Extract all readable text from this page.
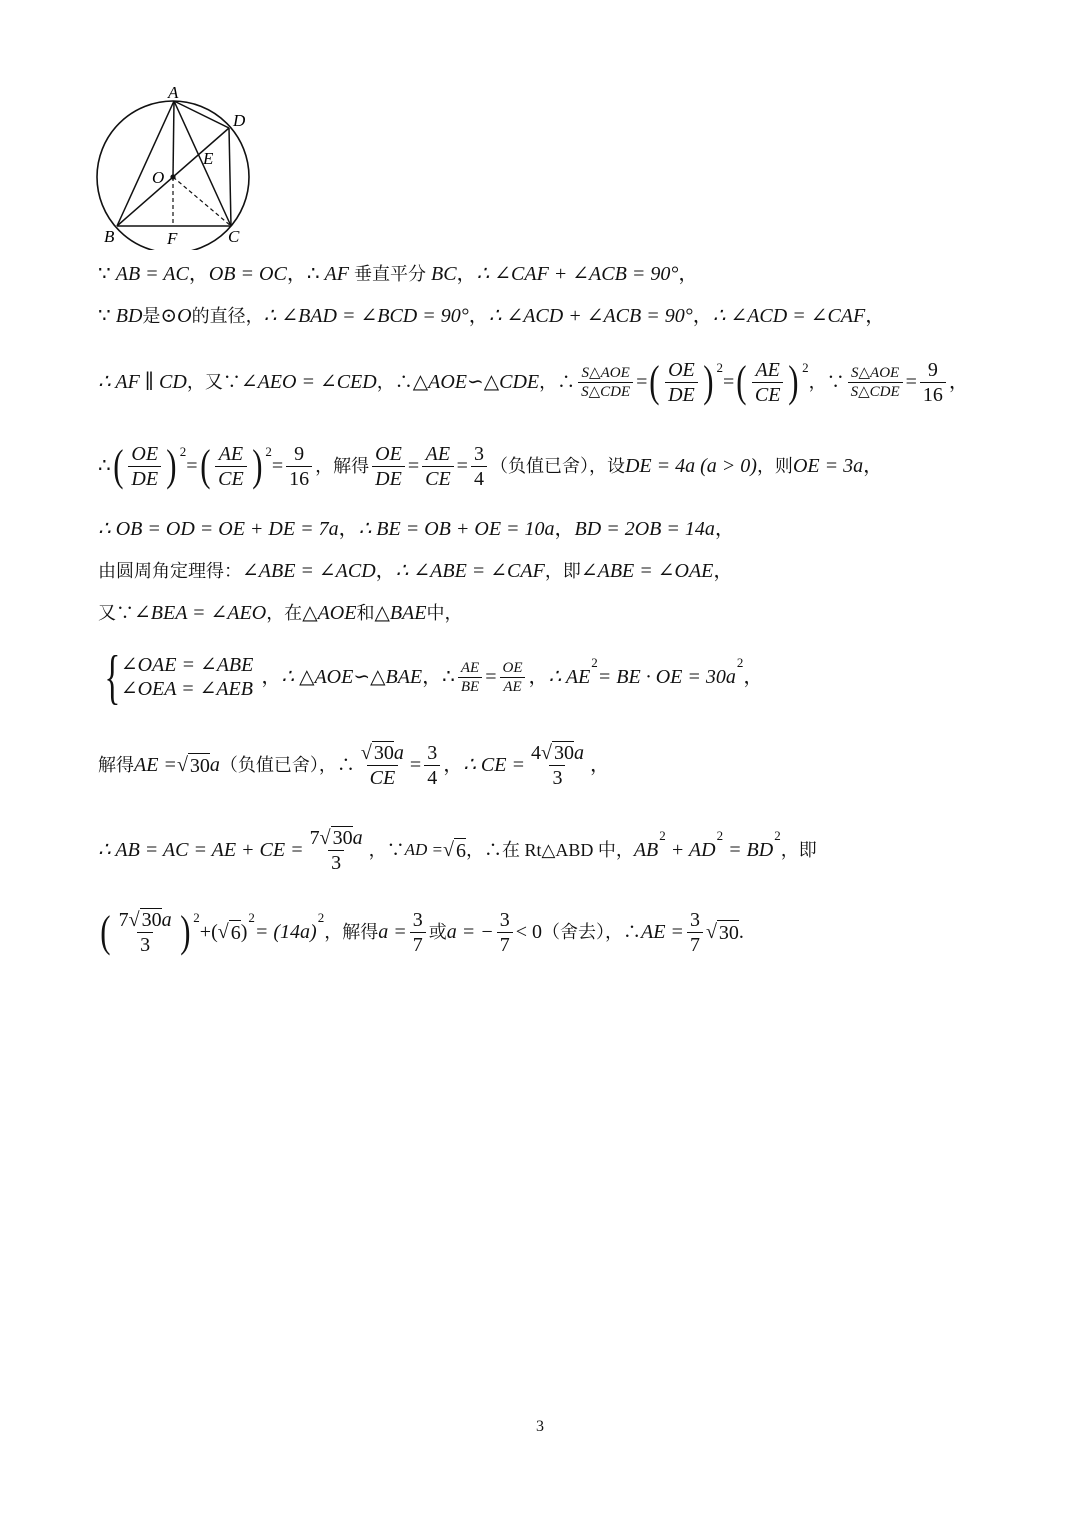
A
D
E
O
B	F	C
∵
AB = AC ， OB = OC ， ∴
AF
垂直平分
BC ， ∴ ∠CAF + ∠ACB = 90° ，
∵
BD 是 ⊙O 的直径， ∴ ∠BAD = ∠BCD = 90° ， ∴ ∠ACD + ∠ACB = 90° ， ∴ ∠ACD = ∠CAF ，
∴ AF ∥ CD ，又∵ ∠AEO = ∠CED ，∴ △AOE∽△CDE ，∴ $\frac{\text{S△AOE}}{\text{S△CDE}}$ = ( $\frac{OE}{DE}$ ) 2
= ( $\frac{AE}{CE}$ ) 2
，∵ $\frac{\text{S△AOE}}{\text{S△CDE}} = \frac{9}{16}$ ，
∴ ( $\frac{OE}{DE}$ ) 2
= ( $\frac{AE}{CE}$ ) 2
= $\frac{9}{16}$ ，解得 $\frac{OE}{DE} = \frac{AE}{CE} = \frac{3}{4}$ （负值已舍），设 DE = 4a (a > 0) ，则 OE = 3a ，
∴ OB = OD = OE + DE = 7a ， ∴ BE = OB + OE = 10a ， BD = 2OB = 14a ，
由圆周角定理得： ∠ABE = ∠ACD ， ∴ ∠ABE = ∠CAF ，即 ∠ABE = ∠OAE ，
又∵ ∠BEA = ∠AEO ，在 △AOE 和 △BAE 中，
{ ∠OAE = ∠ABE
∠OEA = ∠AEB
， ∴ △AOE∽△BAE ， ∴ $\frac{AE}{BE} = \frac{OE}{AE}$ ， ∴ AE
2
= BE · OE = 30a
2
，
解得 AE = √ 30 a （负值已舍），∴ $\frac{√ 30a}{CE} = \frac{3}{4}$ ， ∴ CE = $\frac{4√ 30a}{3}$ ，
∴ AB = AC = AE + CE = $\frac{7√ 30a}{3}$ ，∵ AD = √ 6 ，∴在 Rt△ABD 中， AB
2

+ AD
2

= BD
2
，即
( $\frac{7√ 30a}{3}$ ) 2
+ (√ 6 )
2
= (14a)
2
，解得 $a = \frac{3}{7}$ 或 a = − $\frac{3}{7} < 0$ （舍去），∴ AE = $\frac{3}{7}$ √ 30 .
3
